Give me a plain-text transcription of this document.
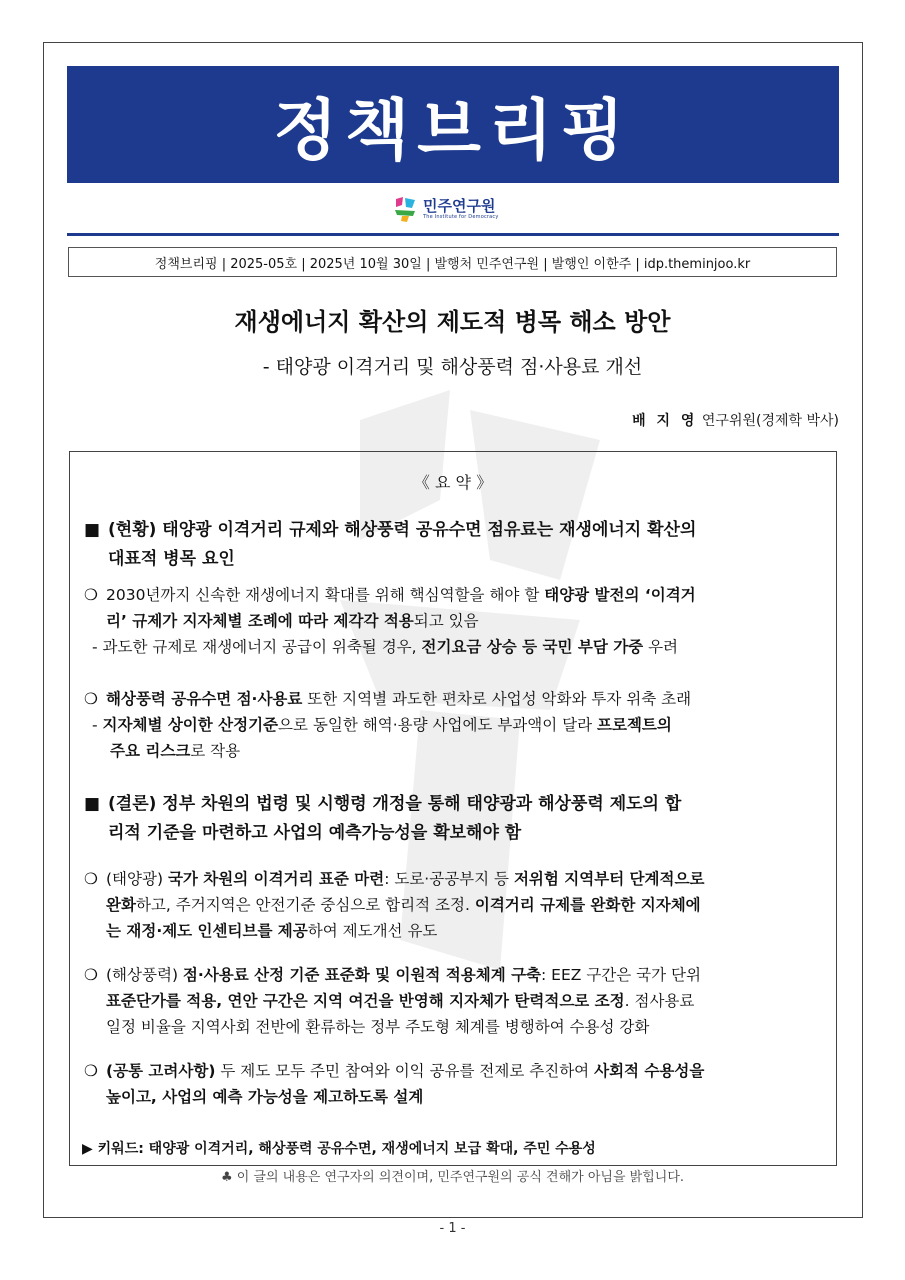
정책브리핑
민주연구원
The Institute for Democracy
정책브리핑 | 2025-05호 | 2025년 10월 30일 | 발행처 민주연구원 | 발행인 이한주 | idp.theminjoo.kr
재생에너지 확산의 제도적 병목 해소 방안
- 태양광 이격거리 및 해상풍력 점·사용료 개선
배 지 영 연구위원(경제학 박사)
《 요 약 》
■ (현황) 태양광 이격거리 규제와 해상풍력 공유수면 점유료는 재생에너지 확산의
대표적 병목 요인
❍ 2030년까지 신속한 재생에너지 확대를 위해 핵심역할을 해야 할 태양광 발전의 ‘이격거
리’ 규제가 지자체별 조례에 따라 제각각 적용되고 있음
- 과도한 규제로 재생에너지 공급이 위축될 경우, 전기요금 상승 등 국민 부담 가중 우려
❍ 해상풍력 공유수면 점·사용료 또한 지역별 과도한 편차로 사업성 악화와 투자 위축 초래
- 지자체별 상이한 산정기준으로 동일한 해역·용량 사업에도 부과액이 달라 프로젝트의
주요 리스크로 작용
■ (결론) 정부 차원의 법령 및 시행령 개정을 통해 태양광과 해상풍력 제도의 합
리적 기준을 마련하고 사업의 예측가능성을 확보해야 함
❍ (태양광) 국가 차원의 이격거리 표준 마련: 도로·공공부지 등 저위험 지역부터 단계적으로
완화하고, 주거지역은 안전기준 중심으로 합리적 조정. 이격거리 규제를 완화한 지자체에
는 재정·제도 인센티브를 제공하여 제도개선 유도
❍ (해상풍력) 점·사용료 산정 기준 표준화 및 이원적 적용체계 구축: EEZ 구간은 국가 단위
표준단가를 적용, 연안 구간은 지역 여건을 반영해 지자체가 탄력적으로 조정. 점사용료
일정 비율을 지역사회 전반에 환류하는 정부 주도형 체계를 병행하여 수용성 강화
❍ (공통 고려사항) 두 제도 모두 주민 참여와 이익 공유를 전제로 추진하여 사회적 수용성을
높이고, 사업의 예측 가능성을 제고하도록 설계
▶ 키워드: 태양광 이격거리, 해상풍력 공유수면, 재생에너지 보급 확대, 주민 수용성
♣ 이 글의 내용은 연구자의 의견이며, 민주연구원의 공식 견해가 아님을 밝힙니다.
- 1 -
